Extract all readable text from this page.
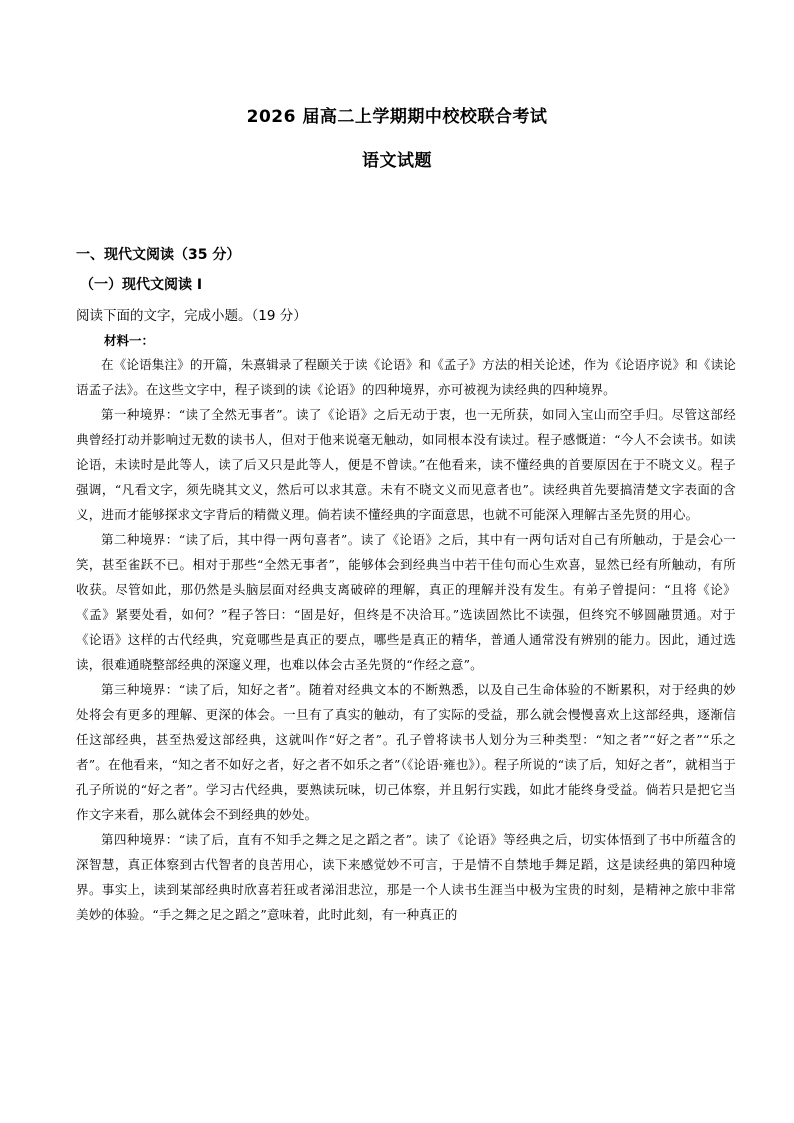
2026 届高二上学期期中校校联合考试
语文试题
一、现代文阅读（35 分）
（一）现代文阅读 I
阅读下面的文字，完成小题。（19 分）
材料一：

在《论语集注》的开篇，朱熹辑录了程颐关于读《论语》和《孟子》方法的相关论述，作为《论语序说》和《读论语孟子法》。在这些文字中，程子谈到的读《论语》的四种境界，亦可被视为读经典的四种境界。

第一种境界：“读了全然无事者”。读了《论语》之后无动于衷，也一无所获，如同入宝山而空手归。尽管这部经典曾经打动并影响过无数的读书人，但对于他来说毫无触动，如同根本没有读过。程子感慨道：“今人不会读书。如读论语，未读时是此等人，读了后又只是此等人，便是不曾读。”在他看来，读不懂经典的首要原因在于不晓文义。程子强调，“凡看文字，须先晓其文义，然后可以求其意。未有不晓文义而见意者也”。读经典首先要搞清楚文字表面的含义，进而才能够探求文字背后的精微义理。倘若读不懂经典的字面意思，也就不可能深入理解古圣先贤的用心。

第二种境界：“读了后，其中得一两句喜者”。读了《论语》之后，其中有一两句话对自己有所触动，于是会心一笑，甚至雀跃不已。相对于那些“全然无事者”，能够体会到经典当中若干佳句而心生欢喜，显然已经有所触动，有所收获。尽管如此，那仍然是头脑层面对经典支离破碎的理解，真正的理解并没有发生。有弟子曾提问：“且将《论》《孟》紧要处看，如何？”程子答曰：“固是好，但终是不决洽耳。”选读固然比不读强，但终究不够圆融贯通。对于《论语》这样的古代经典，究竟哪些是真正的要点，哪些是真正的精华，普通人通常没有辨别的能力。因此，通过选读，很难通晓整部经典的深邃义理，也难以体会古圣先贤的“作经之意”。

第三种境界：“读了后，知好之者”。随着对经典文本的不断熟悉，以及自己生命体验的不断累积，对于经典的妙处将会有更多的理解、更深的体会。一旦有了真实的触动，有了实际的受益，那么就会慢慢喜欢上这部经典，逐渐信任这部经典，甚至热爱这部经典，这就叫作“好之者”。孔子曾将读书人划分为三种类型：“知之者”“好之者”“乐之者”。在他看来，“知之者不如好之者，好之者不如乐之者”（《论语·雍也》）。程子所说的“读了后，知好之者”，就相当于孔子所说的“好之者”。学习古代经典，要熟读玩味，切己体察，并且躬行实践，如此才能终身受益。倘若只是把它当作文字来看，那么就体会不到经典的妙处。

第四种境界：“读了后，直有不知手之舞之足之蹈之者”。读了《论语》等经典之后，切实体悟到了书中所蕴含的深智慧，真正体察到古代智者的良苦用心，读下来感觉妙不可言，于是情不自禁地手舞足蹈，这是读经典的第四种境界。事实上，读到某部经典时欣喜若狂或者涕泪悲泣，那是一个人读书生涯当中极为宝贵的时刻，是精神之旅中非常美妙的体验。“手之舞之足之蹈之”意味着，此时此刻，有一种真正的
